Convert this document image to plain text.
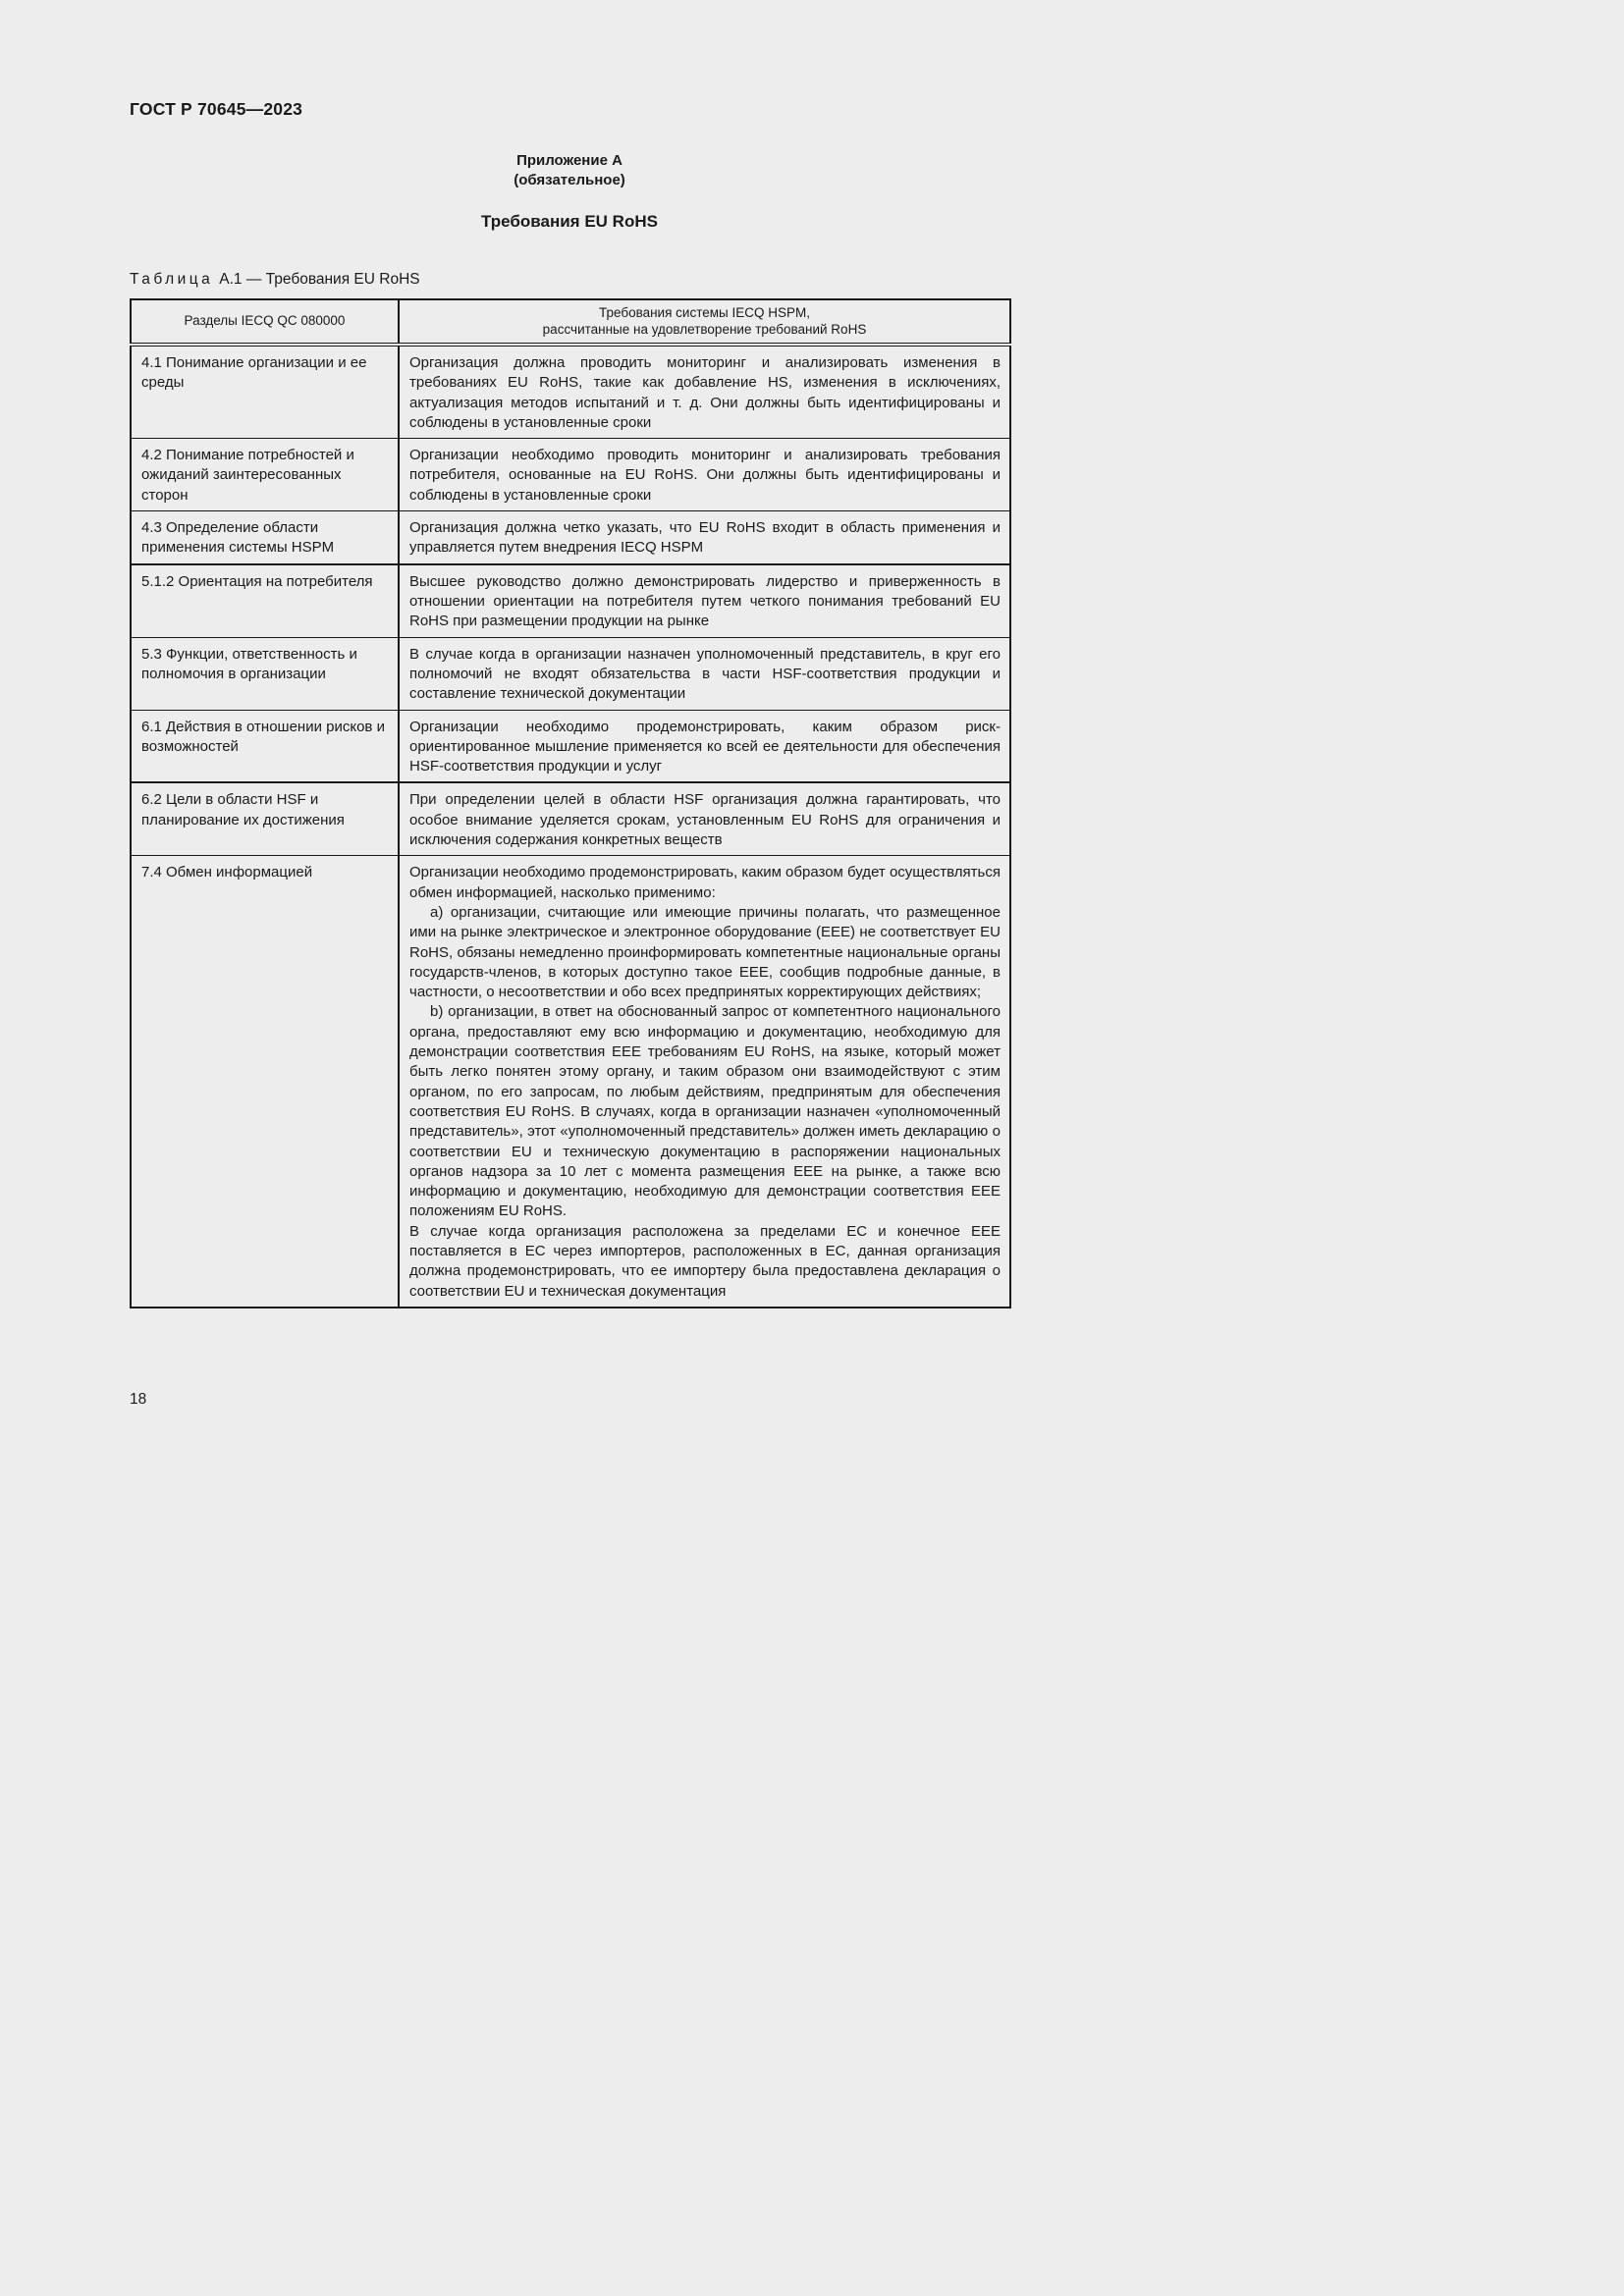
ГОСТ Р 70645—2023

Приложение А
(обязательное)

Требования EU RoHS

Таблица А.1 — Требования EU RoHS

Разделы IECQ QC 080000	Требования системы IECQ HSPM,
рассчитанные на удовлетворение требований RoHS
4.1 Понимание организации и ее среды	Организация должна проводить мониторинг и анализировать изменения в требованиях EU RoHS, такие как добавление HS, изменения в исключениях, актуализация методов испытаний и т. д. Они должны быть идентифицированы и соблюдены в установленные сроки
4.2 Понимание потребностей и ожиданий заинтересованных сторон	Организации необходимо проводить мониторинг и анализировать требования потребителя, основанные на EU RoHS. Они должны быть идентифицированы и соблюдены в установленные сроки
4.3 Определение области применения системы HSPM	Организация должна четко указать, что EU RoHS входит в область применения и управляется путем внедрения IECQ HSPM
5.1.2 Ориентация на потребителя	Высшее руководство должно демонстрировать лидерство и приверженность в отношении ориентации на потребителя путем четкого понимания требований EU RoHS при размещении продукции на рынке
5.3 Функции, ответственность и полномочия в организации	В случае когда в организации назначен уполномоченный представитель, в круг его полномочий не входят обязательства в части HSF-соответствия продукции и составление технической документации
6.1 Действия в отношении рисков и возможностей	Организации необходимо продемонстрировать, каким образом риск-ориентированное мышление применяется ко всей ее деятельности для обеспечения HSF-соответствия продукции и услуг
6.2 Цели в области HSF и планирование их достижения	При определении целей в области HSF организация должна гарантировать, что особое внимание уделяется срокам, установленным EU RoHS для ограничения и исключения содержания конкретных веществ
7.4 Обмен информацией	Организации необходимо продемонстрировать, каким образом будет осуществляться обмен информацией, насколько применимо:

a) организации, считающие или имеющие причины полагать, что размещенное ими на рынке электрическое и электронное оборудование (EEE) не соответствует EU RoHS, обязаны немедленно проинформировать компетентные национальные органы государств-членов, в которых доступно такое EEE, сообщив подробные данные, в частности, о несоответствии и обо всех предпринятых корректирующих действиях;

b) организации, в ответ на обоснованный запрос от компетентного национального органа, предоставляют ему всю информацию и документацию, необходимую для демонстрации соответствия EEE требованиям EU RoHS, на языке, который может быть легко понятен этому органу, и таким образом они взаимодействуют с этим органом, по его запросам, по любым действиям, предпринятым для обеспечения соответствия EU RoHS. В случаях, когда в организации назначен «уполномоченный представитель», этот «уполномоченный представитель» должен иметь декларацию о соответствии EU и техническую документацию в распоряжении национальных органов надзора за 10 лет с момента размещения EEE на рынке, а также всю информацию и документацию, необходимую для демонстрации соответствия EEE положениям EU RoHS.

В случае когда организация расположена за пределами ЕС и конечное EEE поставляется в ЕС через импортеров, расположенных в ЕС, данная организация должна продемонстрировать, что ее импортеру была предоставлена декларация о соответствии EU и техническая документация

18
